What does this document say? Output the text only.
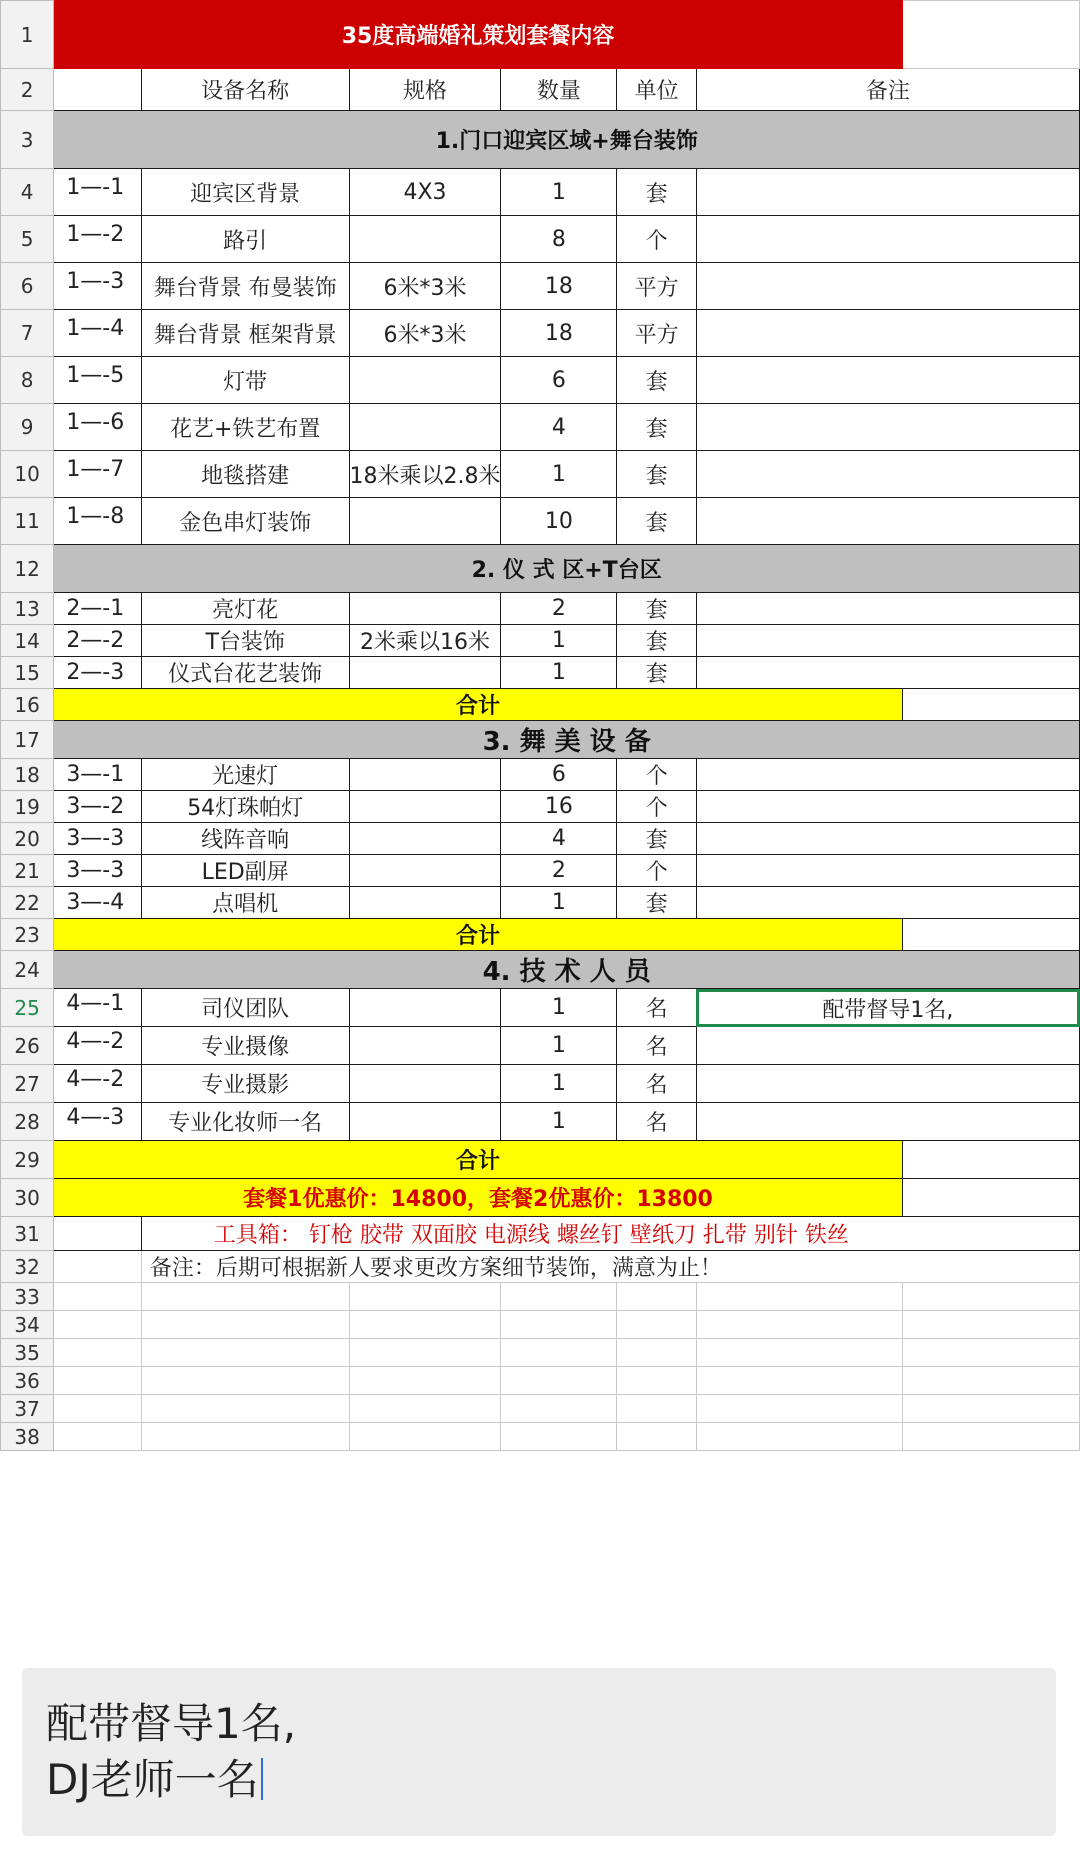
1	35度高端婚礼策划套餐内容						
2		设备名称	规格	数量	单位	备注	
3	1.门口迎宾区域+舞台装饰						
4	1—-1	迎宾区背景	4X3	1	套		
5	1—-2	路引		8	个		
6	1—-3	舞台背景 布曼装饰	6米*3米	18	平方		
7	1—-4	舞台背景 框架背景	6米*3米	18	平方		
8	1—-5	灯带		6	套		
9	1—-6	花艺+铁艺布置		4	套		
10	1—-7	地毯搭建	18米乘以2.8米	1	套		
11	1—-8	金色串灯装饰		10	套		
12	2. 仪 式 区+T台区						
13	2—-1	亮灯花		2	套		
14	2—-2	T台装饰	2米乘以16米	1	套		
15	2—-3	仪式台花艺装饰		1	套		
16	合计						
17	3. 舞 美 设 备						
18	3—-1	光速灯		6	个		
19	3—-2	54灯珠帕灯		16	个		
20	3—-3	线阵音响		4	套		
21	3—-3	LED副屏		2	个		
22	3—-4	点唱机		1	套		
23	合计						
24	4. 技 术 人 员						
25	4—-1	司仪团队		1	名	配带督导1名,	
26	4—-2	专业摄像		1	名		
27	4—-2	专业摄影		1	名		
28	4—-3	专业化妆师一名		1	名		
29	合计						
30	套餐1优惠价：14800，套餐2优惠价：13800						
31		工具箱： 钉枪 胶带 双面胶 电源线 螺丝钉 壁纸刀 扎带 别针 铁丝					
32		备注：后期可根据新人要求更改方案细节装饰，满意为止！					
33							
34							
35							
36							
37							
38							
配带督导1名,
DJ老师一名
